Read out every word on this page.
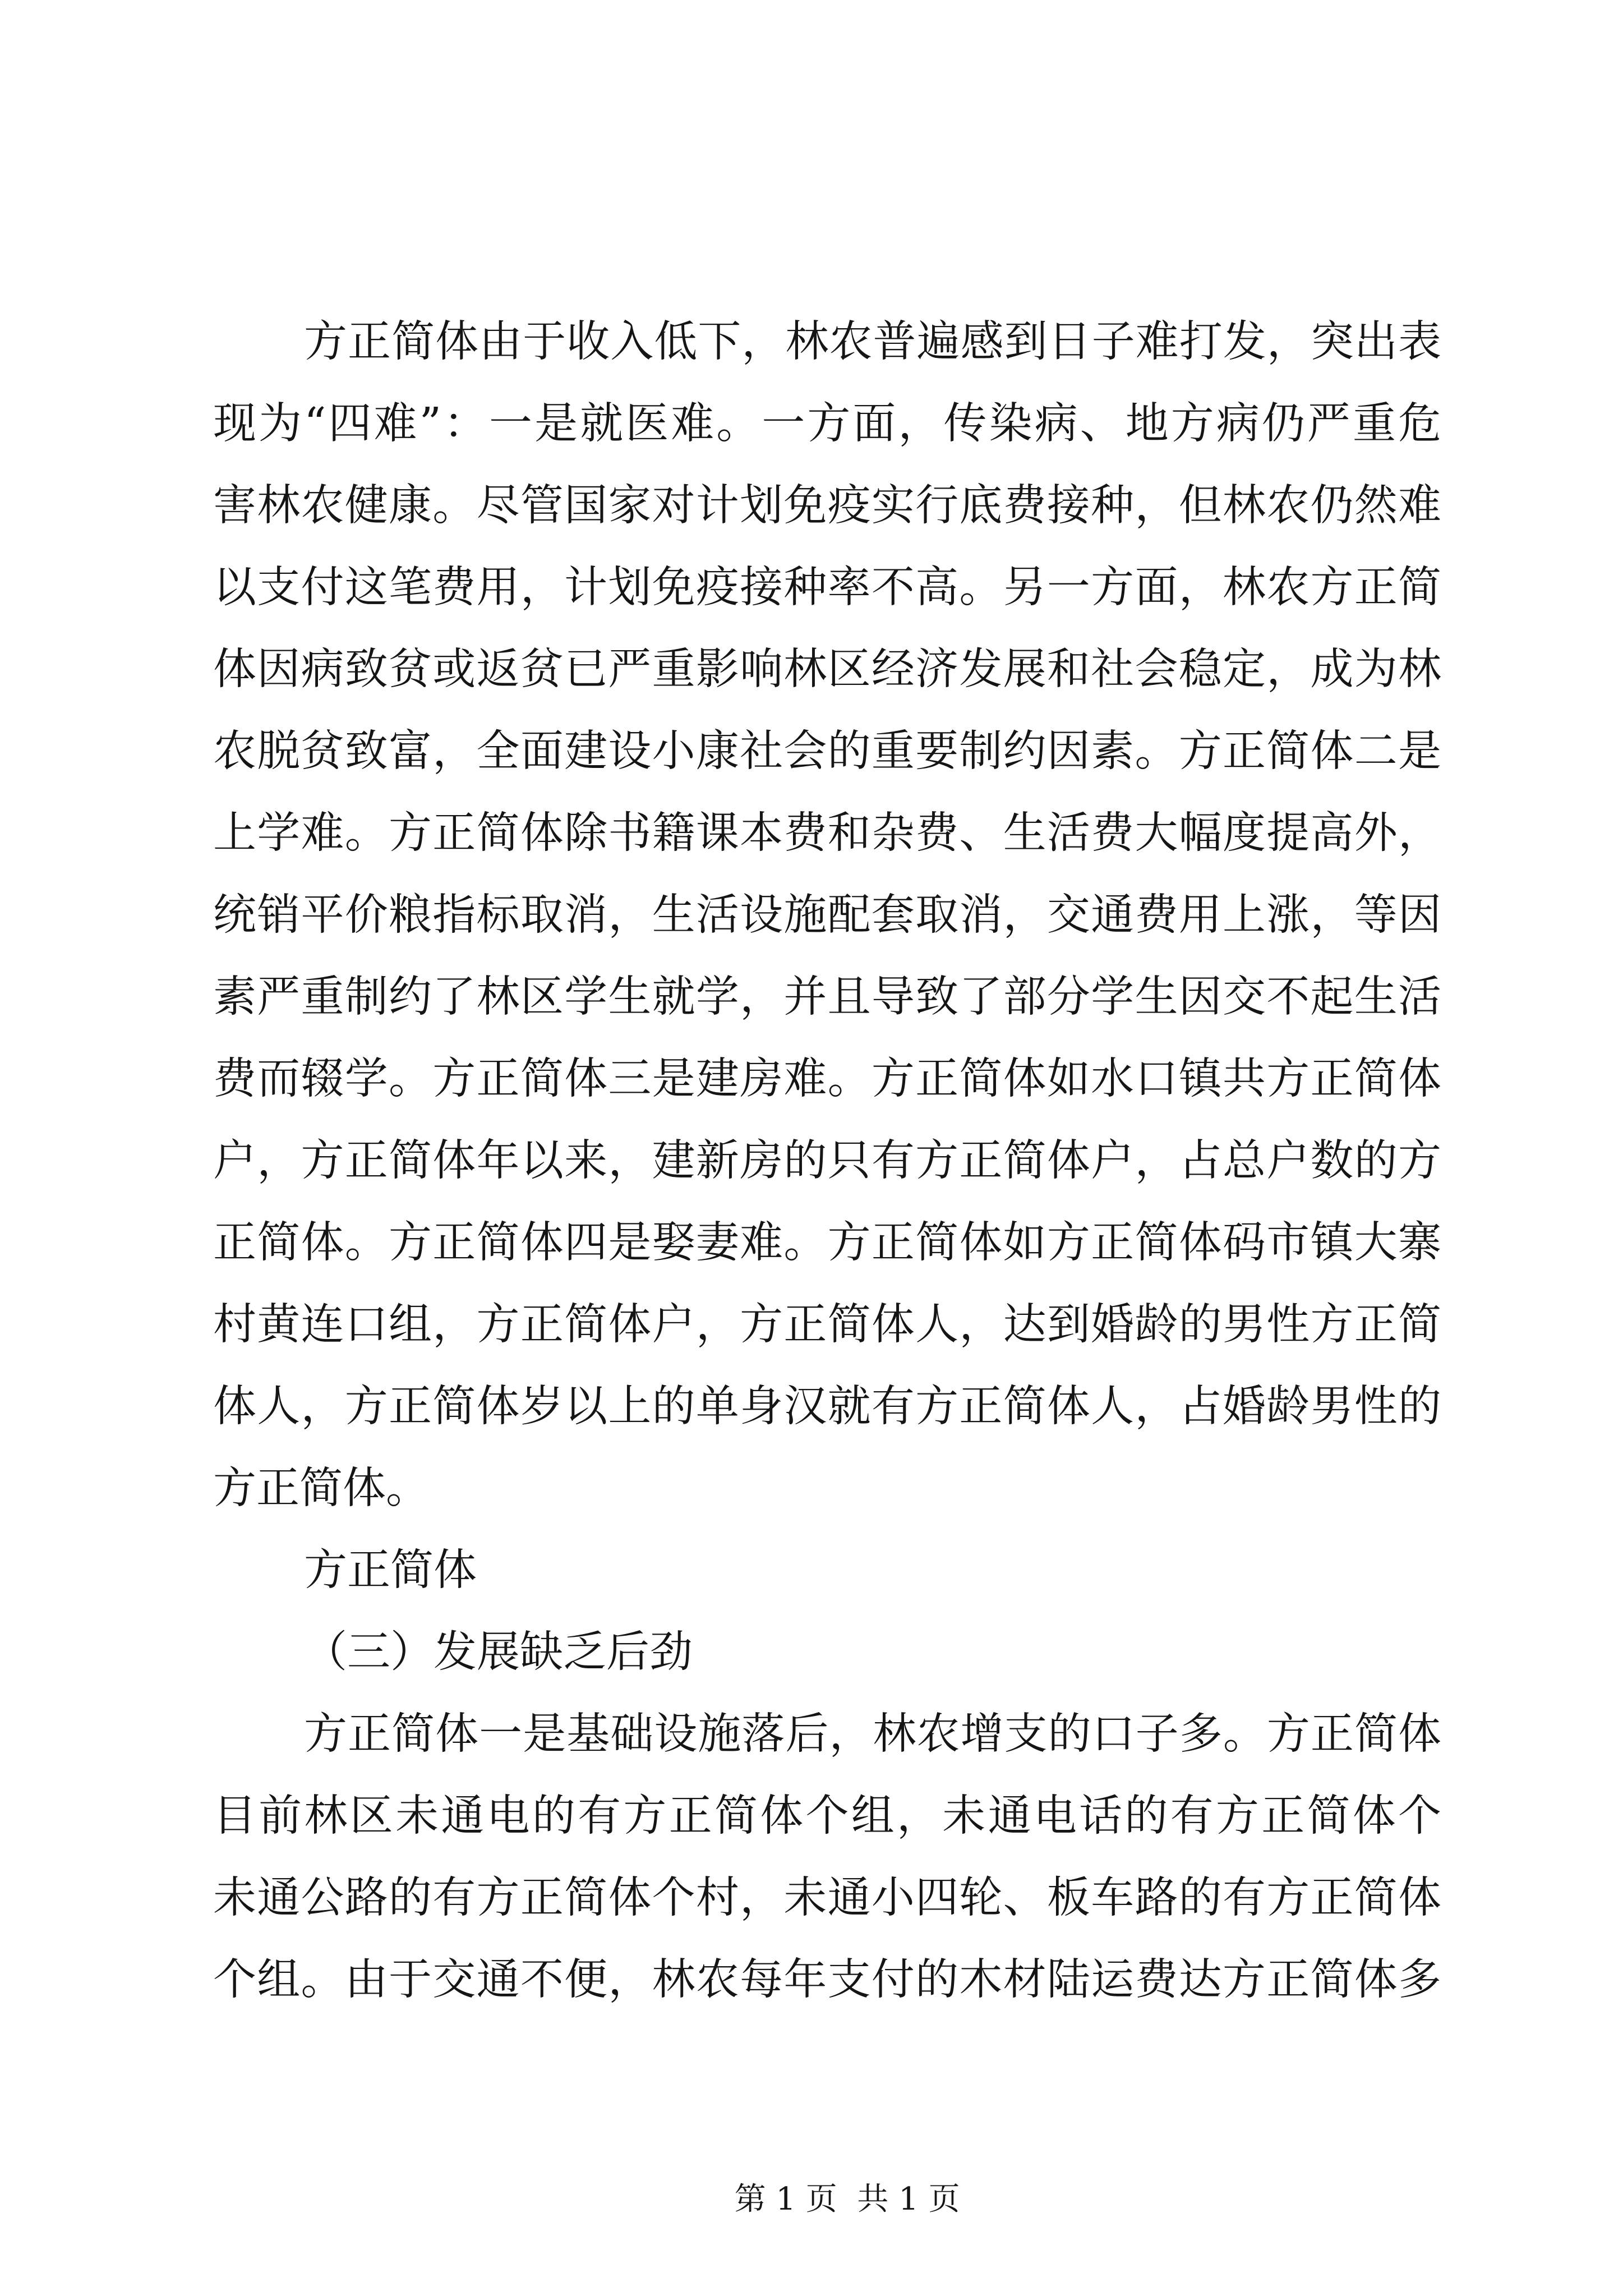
方正简体由于收入低下，林农普遍感到日子难打发，突出表
现为“四难”：一是就医难。一方面，传染病、地方病仍严重危
害林农健康。尽管国家对计划免疫实行底费接种，但林农仍然难
以支付这笔费用，计划免疫接种率不高。另一方面，林农方正简
体因病致贫或返贫已严重影响林区经济发展和社会稳定，成为林
农脱贫致富，全面建设小康社会的重要制约因素。方正简体二是
上学难。方正简体除书籍课本费和杂费、生活费大幅度提高外，
统销平价粮指标取消，生活设施配套取消，交通费用上涨，等因
素严重制约了林区学生就学，并且导致了部分学生因交不起生活
费而辍学。方正简体三是建房难。方正简体如水口镇共方正简体
户，方正简体年以来，建新房的只有方正简体户，占总户数的方
正简体。方正简体四是娶妻难。方正简体如方正简体码市镇大寨
村黄连口组，方正简体户，方正简体人，达到婚龄的男性方正简
体人，方正简体岁以上的单身汉就有方正简体人，占婚龄男性的
方正简体。
方正简体
（三）发展缺乏后劲
方正简体一是基础设施落后，林农增支的口子多。方正简体
目前林区未通电的有方正简体个组，未通电话的有方正简体个
未通公路的有方正简体个村，未通小四轮、板车路的有方正简体
个组。由于交通不便，林农每年支付的木材陆运费达方正简体多

第 1 页  共 1 页
